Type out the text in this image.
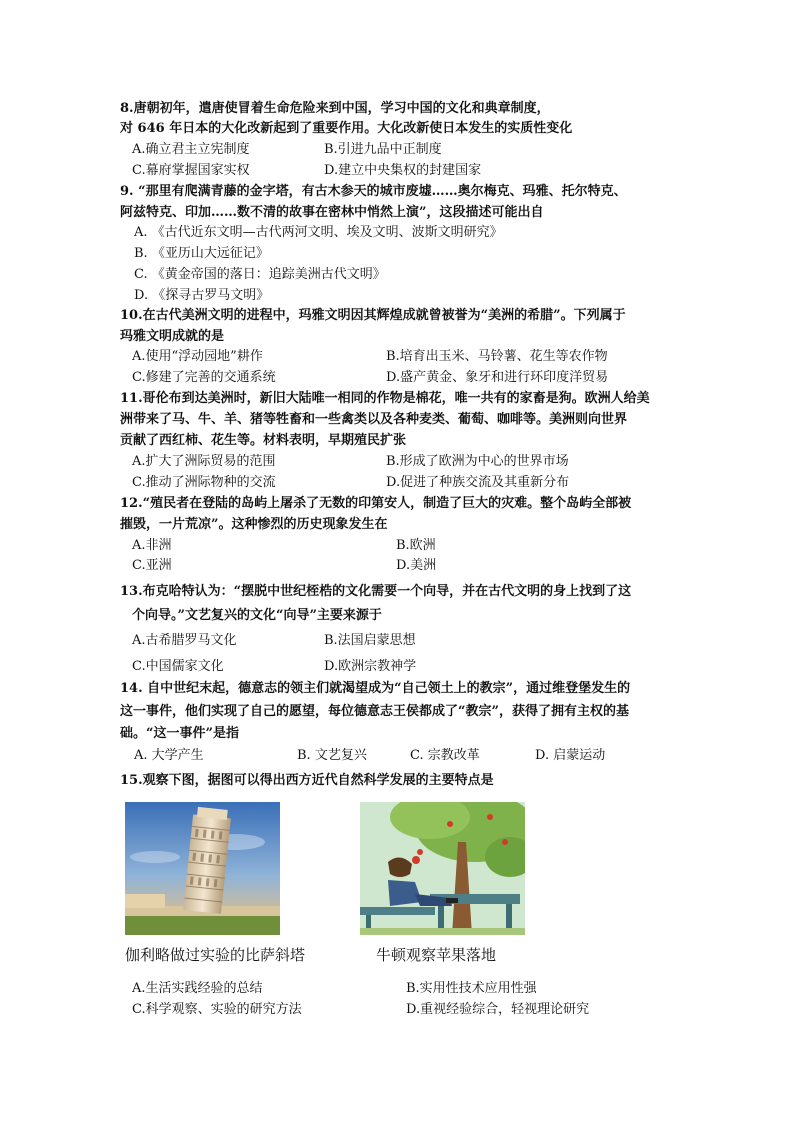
8.唐朝初年，遣唐使冒着生命危险来到中国，学习中国的文化和典章制度，
对 646 年日本的大化改新起到了重要作用。大化改新使日本发生的实质性变化
A.确立君主立宪制度	B.引进九品中正制度
C.幕府掌握国家实权	D.建立中央集权的封建国家
9. “那里有爬满青藤的金字塔，有古木参天的城市废墟……奥尔梅克、玛雅、托尔特克、
阿兹特克、印加……数不清的故事在密林中悄然上演”，这段描述可能出自
A. 《古代近东文明—古代两河文明、埃及文明、波斯文明研究》
B. 《亚历山大远征记》
C. 《黄金帝国的落日：追踪美洲古代文明》
D. 《探寻古罗马文明》
10.在古代美洲文明的进程中，玛雅文明因其辉煌成就曾被誉为“美洲的希腊”。下列属于
玛雅文明成就的是
A.使用“浮动园地”耕作	B.培育出玉米、马铃薯、花生等农作物
C.修建了完善的交通系统	D.盛产黄金、象牙和进行环印度洋贸易
11.哥伦布到达美洲时，新旧大陆唯一相同的作物是棉花，唯一共有的家畜是狗。欧洲人给美
洲带来了马、牛、羊、猪等牲畜和一些禽类以及各种麦类、葡萄、咖啡等。美洲则向世界
贡献了西红柿、花生等。材料表明，早期殖民扩张
A.扩大了洲际贸易的范围	B.形成了欧洲为中心的世界市场
C.推动了洲际物种的交流	D.促进了种族交流及其重新分布
12.“殖民者在登陆的岛屿上屠杀了无数的印第安人，制造了巨大的灾难。整个岛屿全部被
摧毁，一片荒凉”。这种惨烈的历史现象发生在
A.非洲	B.欧洲
C.亚洲	D.美洲
13.布克哈特认为：“摆脱中世纪桎梏的文化需要一个向导，并在古代文明的身上找到了这
个向导。”文艺复兴的文化“向导”主要来源于
A.古希腊罗马文化	B.法国启蒙思想
C.中国儒家文化	D.欧洲宗教神学
14. 自中世纪末起，德意志的领主们就渴望成为“自己领土上的教宗”，通过维登堡发生的
这一事件，他们实现了自己的愿望，每位德意志王侯都成了“教宗”，获得了拥有主权的基
础。“这一事件”是指
A. 大学产生	B. 文艺复兴	C. 宗教改革	D. 启蒙运动
15.观察下图，据图可以得出西方近代自然科学发展的主要特点是
伽利略做过实验的比萨斜塔	牛顿观察苹果落地
A.生活实践经验的总结	B.实用性技术应用性强
C.科学观察、实验的研究方法	D.重视经验综合，轻视理论研究
